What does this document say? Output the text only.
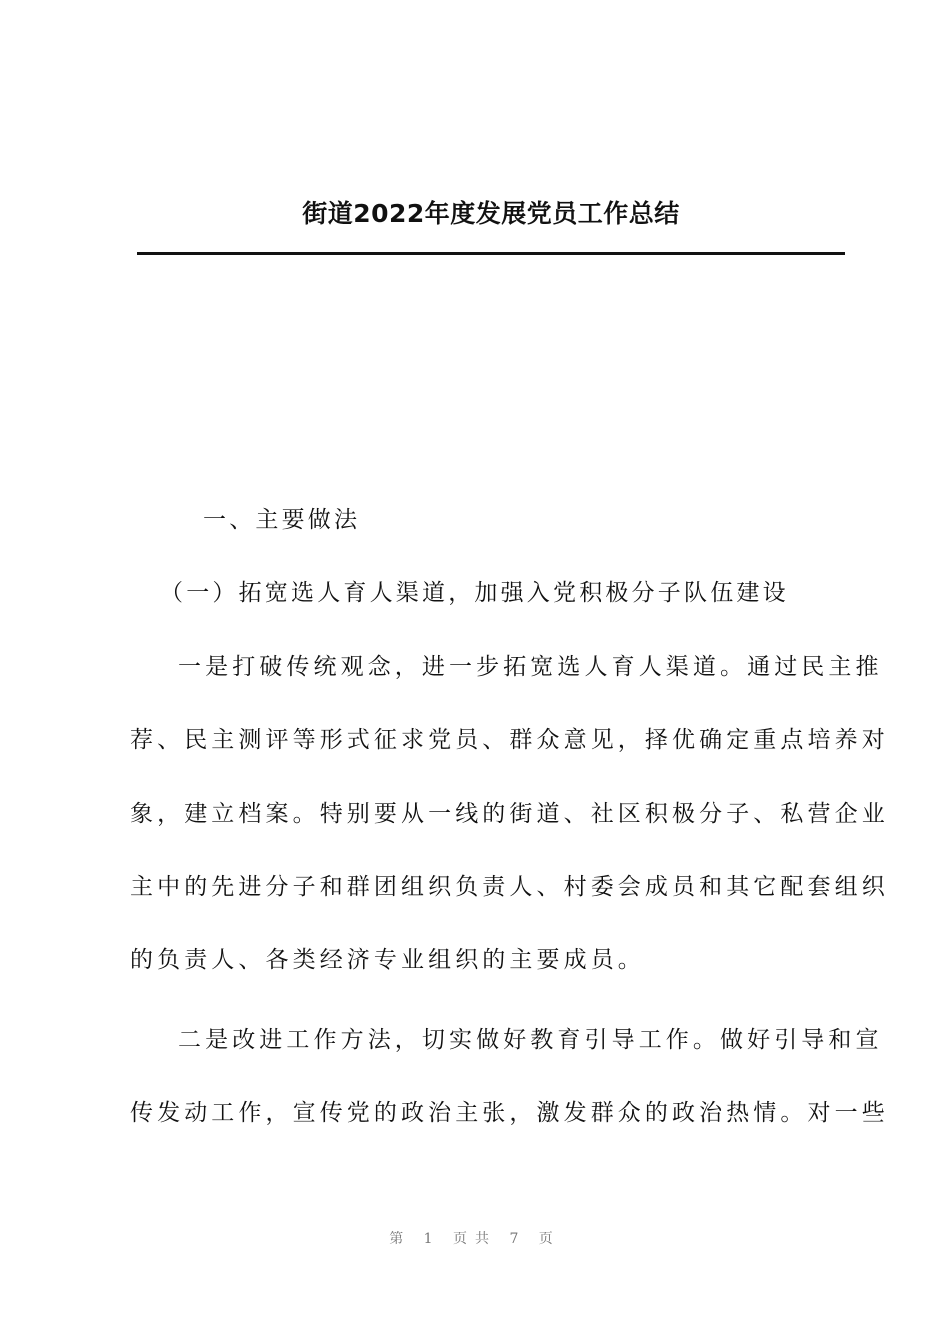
街道2022年度发展党员工作总结
一、主要做法
（一）拓宽选人育人渠道，加强入党积极分子队伍建设
一是打破传统观念，进一步拓宽选人育人渠道。通过民主推
荐、民主测评等形式征求党员、群众意见，择优确定重点培养对
象，建立档案。特别要从一线的街道、社区积极分子、私营企业
主中的先进分子和群团组织负责人、村委会成员和其它配套组织
的负责人、各类经济专业组织的主要成员。
二是改进工作方法，切实做好教育引导工作。做好引导和宣
传发动工作，宣传党的政治主张，激发群众的政治热情。对一些
第 1 页共 7 页
